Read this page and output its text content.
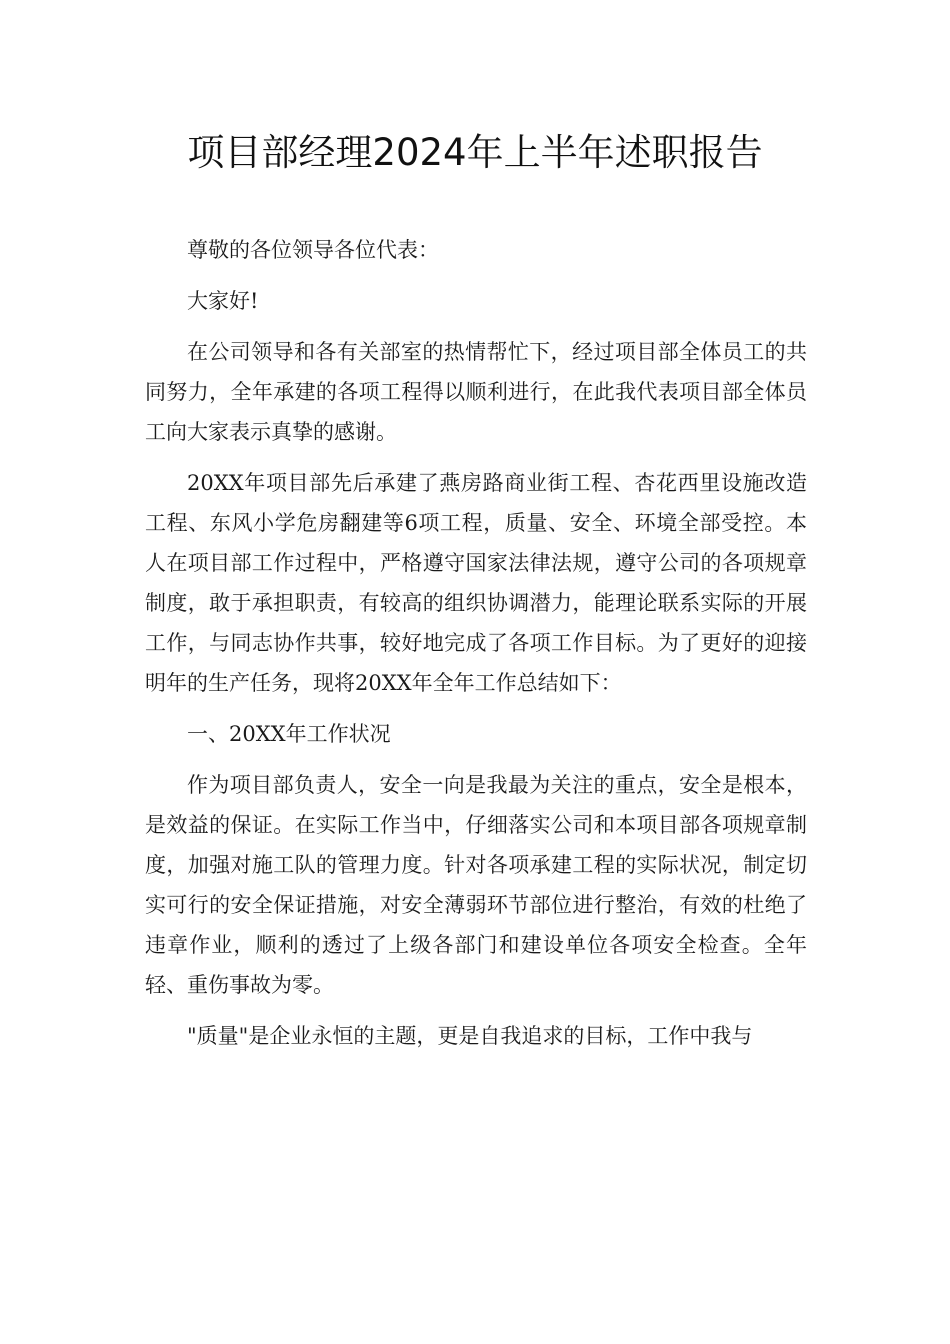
项目部经理2024年上半年述职报告

尊敬的各位领导各位代表：

大家好!

在公司领导和各有关部室的热情帮忙下，经过项目部全体员工的共同努力，全年承建的各项工程得以顺利进行，在此我代表项目部全体员工向大家表示真挚的感谢。

20XX年项目部先后承建了燕房路商业街工程、杏花西里设施改造工程、东风小学危房翻建等6项工程，质量、安全、环境全部受控。本人在项目部工作过程中，严格遵守国家法律法规，遵守公司的各项规章制度，敢于承担职责，有较高的组织协调潜力，能理论联系实际的开展工作，与同志协作共事，较好地完成了各项工作目标。为了更好的迎接明年的生产任务，现将20XX年全年工作总结如下：

一、20XX年工作状况

作为项目部负责人，安全一向是我最为关注的重点，安全是根本，是效益的保证。在实际工作当中，仔细落实公司和本项目部各项规章制度，加强对施工队的管理力度。针对各项承建工程的实际状况，制定切实可行的安全保证措施，对安全薄弱环节部位进行整治，有效的杜绝了违章作业，顺利的透过了上级各部门和建设单位各项安全检查。全年轻、重伤事故为零。

"质量"是企业永恒的主题，更是自我追求的目标，工作中我与
